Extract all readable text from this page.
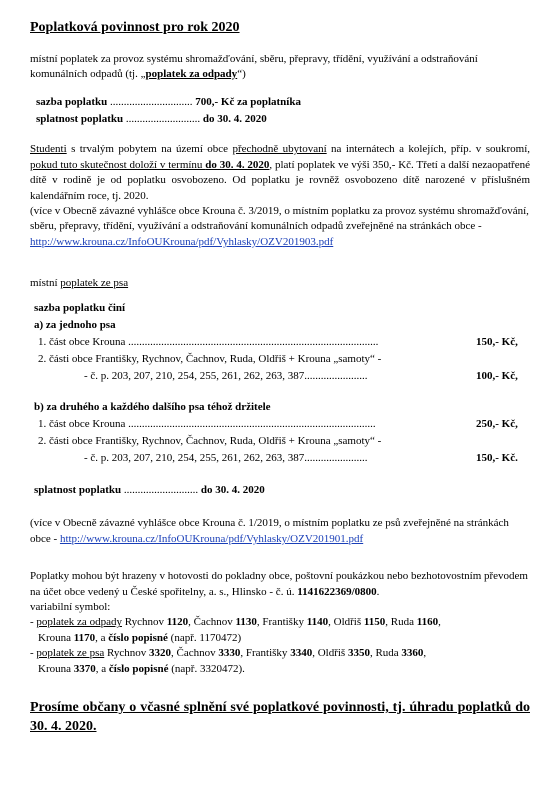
Poplatková povinnost pro rok 2020

místní poplatek za provoz systému shromažďování, sběru, přepravy, třídění, využívání a odstraňování komunálních odpadů (tj. „poplatek za odpady“)

sazba poplatku .............................. 700,- Kč za poplatníka
splatnost poplatku ........................... do 30. 4. 2020

Studenti s trvalým pobytem na území obce přechodně ubytovaní na internátech a kolejích, příp. v soukromí, pokud tuto skutečnost doloží v termínu do 30. 4. 2020, platí poplatek ve výši 350,- Kč. Třetí a další nezaopatřené dítě v rodině je od poplatku osvobozeno. Od poplatku je rovněž osvobozeno dítě narozené v příslušném kalendářním roce, tj. 2020.

(více v Obecně závazné vyhlášce obce Krouna č. 3/2019, o místním poplatku za provoz systému shromažďování, sběru, přepravy, třídění, využívání a odstraňování komunálních odpadů zveřejněné na stránkách obce - http://www.krouna.cz/InfoOUKrouna/pdf/Vyhlasky/OZV201903.pdf

místní poplatek ze psa

sazba poplatku činí
a) za jednoho psa
1. část obce Krouna ...........................................................................................	150,- Kč,
2. části obce Františky, Rychnov, Čachnov, Ruda, Oldřiš + Krouna „samoty“ -
- č. p. 203, 207, 210, 254, 255, 261, 262, 263, 387.......................	100,- Kč,
b) za druhého a každého dalšího psa téhož držitele
1. část obce Krouna ..........................................................................................	250,- Kč,
2. části obce Františky, Rychnov, Čachnov, Ruda, Oldřiš + Krouna „samoty“ -
- č. p. 203, 207, 210, 254, 255, 261, 262, 263, 387.......................	150,- Kč.
splatnost poplatku ........................... do 30. 4. 2020

(více v Obecně závazné vyhlášce obce Krouna č. 1/2019, o místním poplatku ze psů zveřejněné na stránkách obce - http://www.krouna.cz/InfoOUKrouna/pdf/Vyhlasky/OZV201901.pdf

Poplatky mohou být hrazeny v hotovosti do pokladny obce, poštovní poukázkou nebo bezhotovostním převodem na účet obce vedený u České spořitelny, a. s., Hlinsko - č. ú. 1141622369/0800.

variabilní symbol:

- poplatek za odpady Rychnov 1120, Čachnov 1130, Františky 1140, Oldřiš 1150, Ruda 1160,

Krouna 1170, a číslo popisné (např. 1170472)

- poplatek ze psa Rychnov 3320, Čachnov 3330, Františky 3340, Oldřiš 3350, Ruda 3360,

Krouna 3370, a číslo popisné (např. 3320472).

Prosíme občany o včasné splnění své poplatkové povinnosti, tj. úhradu poplatků do 30. 4. 2020.
